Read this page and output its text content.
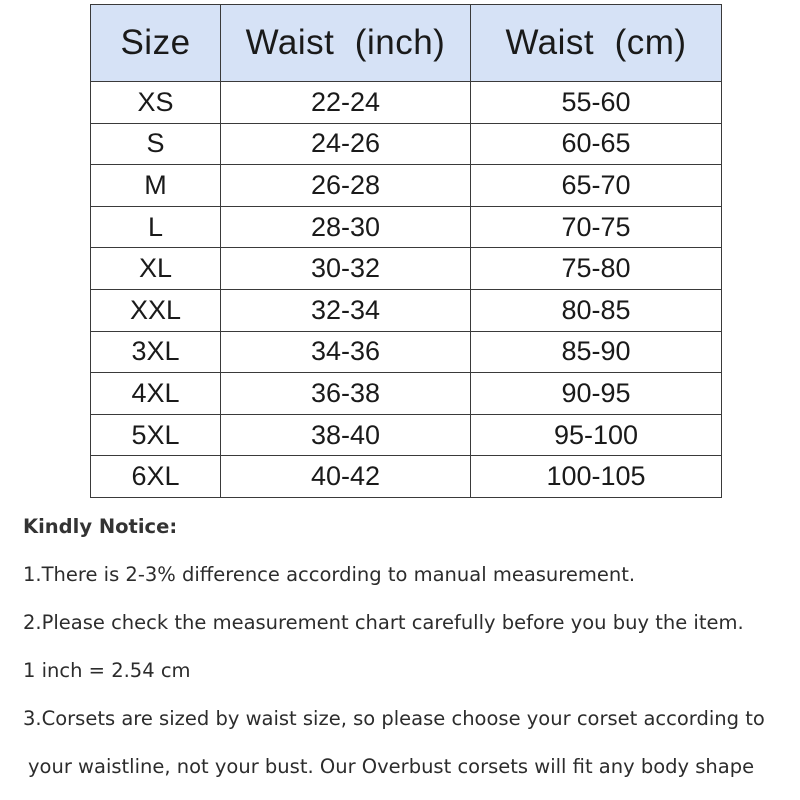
Size	Waist  (inch)	Waist  (cm)
XS	22-24	55-60
S	24-26	60-65
M	26-28	65-70
L	28-30	70-75
XL	30-32	75-80
XXL	32-34	80-85
3XL	34-36	85-90
4XL	36-38	90-95
5XL	38-40	95-100
6XL	40-42	100-105
Kindly Notice:
1.There is 2-3% difference according to manual measurement.
2.Please check the measurement chart carefully before you buy the item.
1 inch = 2.54 cm
3.Corsets are sized by waist size, so please choose your corset according to
your waistline, not your bust. Our Overbust corsets will fit any body shape
